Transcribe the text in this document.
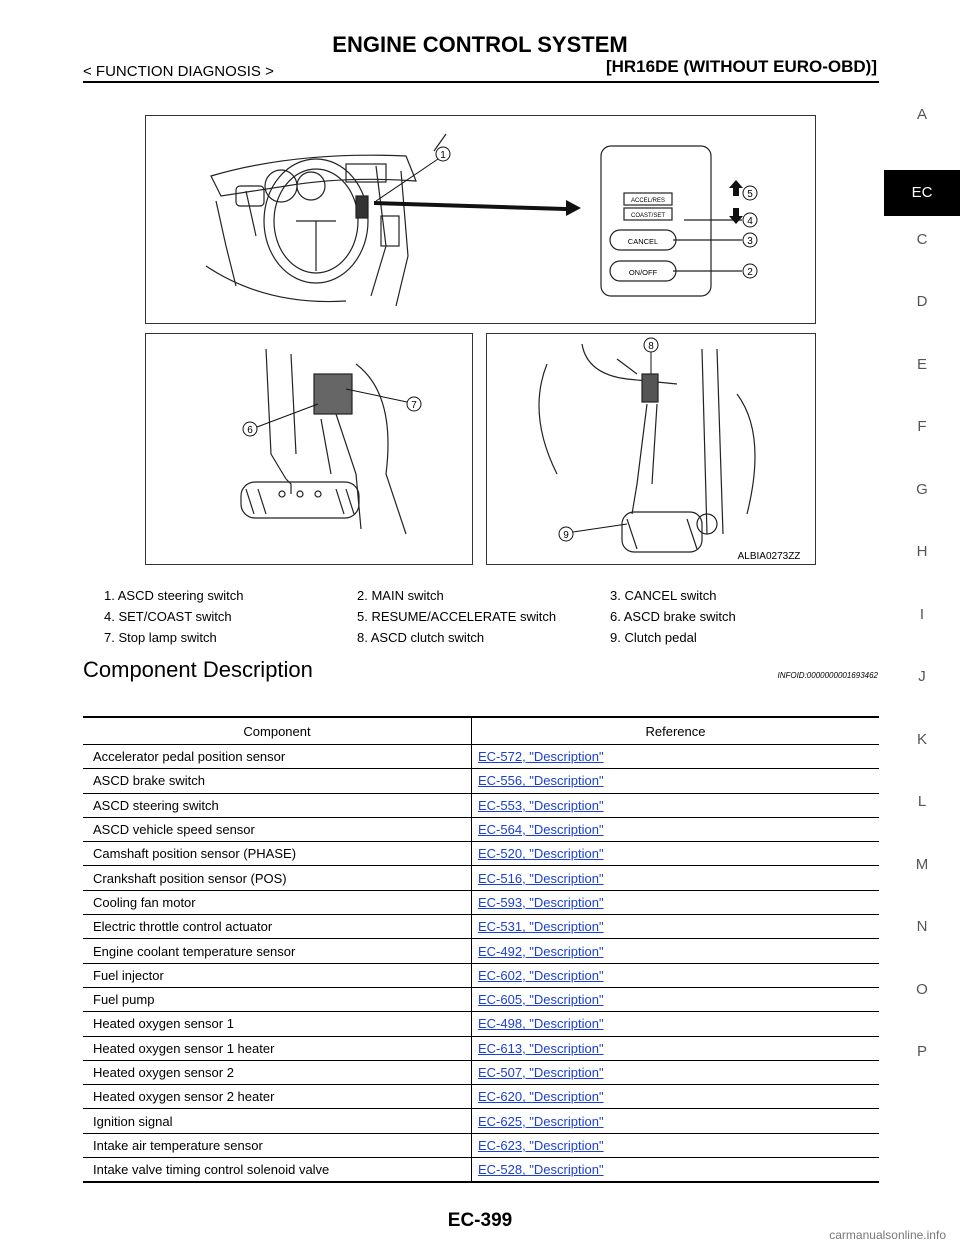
ENGINE CONTROL SYSTEM
< FUNCTION DIAGNOSIS >	[HR16DE (WITHOUT EURO-OBD)]
A
EC
C
D
E
F
G
H
I
J
K
L
M
N
O
P
ACCEL/RES
COAST/SET
CANCEL
ON/OFF
1
5
4
3
2
7
6
8
9
ALBIA0273ZZ
1. ASCD steering switch	2. MAIN switch	3. CANCEL switch
4. SET/COAST switch	5. RESUME/ACCELERATE switch	6. ASCD brake switch
7. Stop lamp switch	8. ASCD clutch switch	9. Clutch pedal
Component Description	INFOID:0000000001693462
Component	Reference
Accelerator pedal position sensor	EC-572, "Description"
ASCD brake switch	EC-556, "Description"
ASCD steering switch	EC-553, "Description"
ASCD vehicle speed sensor	EC-564, "Description"
Camshaft position sensor (PHASE)	EC-520, "Description"
Crankshaft position sensor (POS)	EC-516, "Description"
Cooling fan motor	EC-593, "Description"
Electric throttle control actuator	EC-531, "Description"
Engine coolant temperature sensor	EC-492, "Description"
Fuel injector	EC-602, "Description"
Fuel pump	EC-605, "Description"
Heated oxygen sensor 1	EC-498, "Description"
Heated oxygen sensor 1 heater	EC-613, "Description"
Heated oxygen sensor 2	EC-507, "Description"
Heated oxygen sensor 2 heater	EC-620, "Description"
Ignition signal	EC-625, "Description"
Intake air temperature sensor	EC-623, "Description"
Intake valve timing control solenoid valve	EC-528, "Description"
EC-399
carmanualsonline.info
